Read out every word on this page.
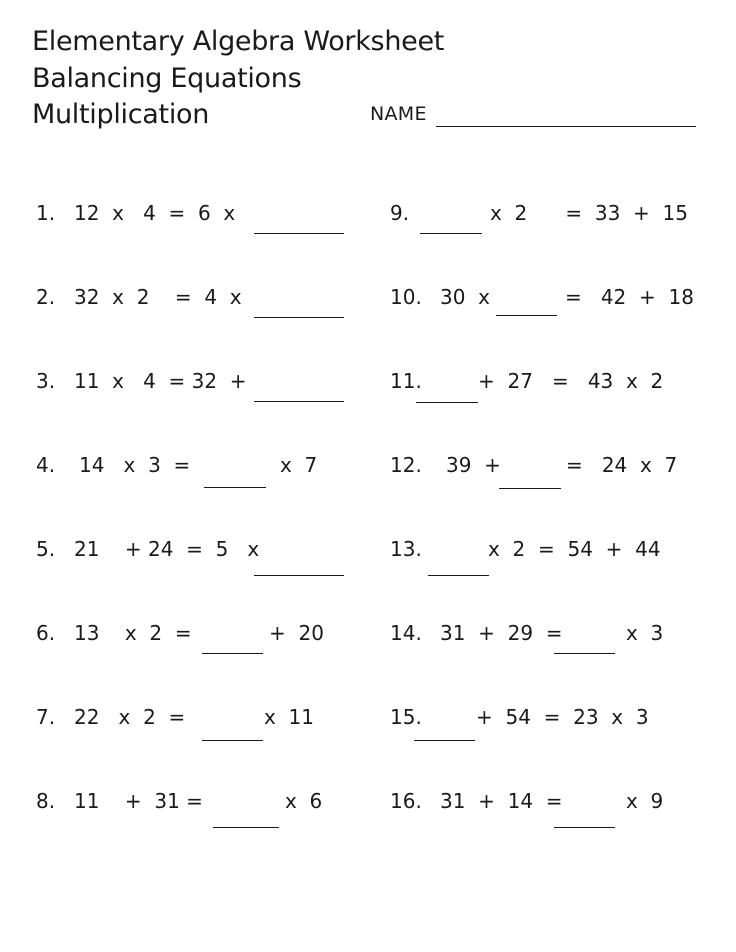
Elementary Algebra Worksheet
Balancing Equations
Multiplication	NAME
1. 12  x   4  =  6  x
2. 32  x  2    =  4  x
3. 11  x   4  = 32  +
4. 14   x  3  =	x  7
5. 21    + 24  =  5   x
6. 13    x  2  =	+  20
7. 22   x  2  =	x  11
8. 11    +  31 =	x  6
9.	x  2      =  33  +  15
10. 30  x	=   42  +  18
11.	+  27   =   43  x  2
12. 39  +	=   24  x  7
13.	x  2  =  54  +  44
14. 31  +  29  =	x  3
15.	+  54  =  23  x  3
16. 31  +  14  =	x  9
